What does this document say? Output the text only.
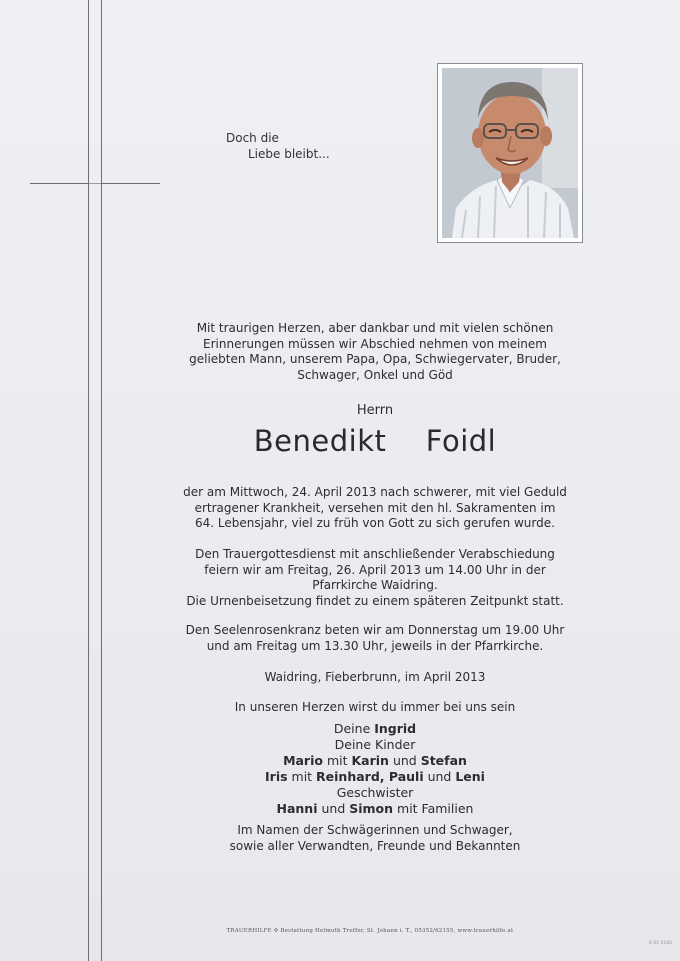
Doch die
Liebe bleibt...
Mit traurigen Herzen, aber dankbar und mit vielen schönen
Erinnerungen müssen wir Abschied nehmen von meinem
geliebten Mann, unserem Papa, Opa, Schwiegervater, Bruder,
Schwager, Onkel und Göd
Herrn
Benedikt  Foidl
der am Mittwoch, 24. April 2013 nach schwerer, mit viel Geduld
ertragener Krankheit, versehen mit den hl. Sakramenten im
64. Lebensjahr, viel zu früh von Gott zu sich gerufen wurde.
Den Trauergottesdienst mit anschließender Verabschiedung
feiern wir am Freitag, 26. April 2013 um 14.00 Uhr in der
Pfarrkirche Waidring.
Die Urnenbeisetzung findet zu einem späteren Zeitpunkt statt.
Den Seelenrosenkranz beten wir am Donnerstag um 19.00 Uhr
und am Freitag um 13.30 Uhr, jeweils in der Pfarrkirche.
Waidring, Fieberbrunn, im April 2013
In unseren Herzen wirst du immer bei uns sein
Deine Ingrid
Deine Kinder
Mario mit Karin und Stefan
Iris mit Reinhard, Pauli und Leni
Geschwister
Hanni und Simon mit Familien
Im Namen der Schwägerinnen und Schwager,
sowie aller Verwandten, Freunde und Bekannten
TRAUERHILFE ✣ Bestattung Helmuth Treffer, St. Johann i. T., 05352/62155, www.trauerhilfe.at
B 01 0184
